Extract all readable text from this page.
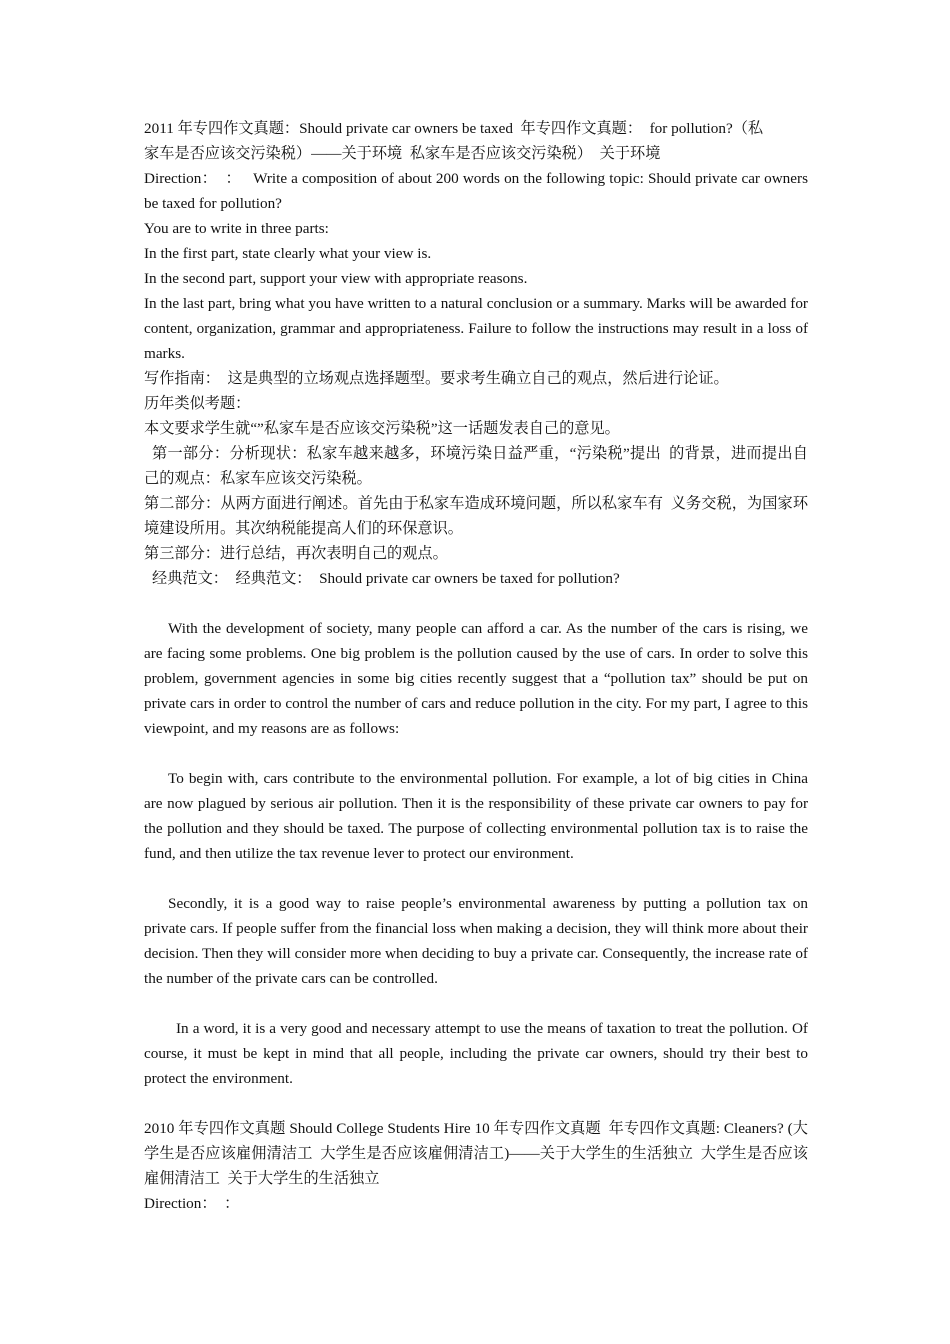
2011 年专四作文真题：Should private car owners be taxed  年专四作文真题：  for pollution?（私
家车是否应该交污染税）——关于环境  私家车是否应该交污染税）  关于环境

Direction：  ：   Write a composition of about 200 words on the following topic: Should private car owners be taxed for pollution?

You are to write in three parts:
In the first part, state clearly what your view is.
In the second part, support your view with appropriate reasons.

In the last part, bring what you have written to a natural conclusion or a summary. Marks will be awarded for content, organization, grammar and appropriateness. Failure to follow the instructions may result in a loss of marks.

写作指南：  这是典型的立场观点选择题型。要求考生确立自己的观点，然后进行论证。
历年类似考题：
本文要求学生就“”私家车是否应该交污染税”这一话题发表自己的意见。

第一部分：分析现状：私家车越来越多，环境污染日益严重，“污染税”提出  的背景，进而提出自己的观点：私家车应该交污染税。

第二部分：从两方面进行阐述。首先由于私家车造成环境问题，所以私家车有  义务交税，为国家环境建设所用。其次纳税能提高人们的环保意识。

第三部分：进行总结，再次表明自己的观点。
经典范文：  经典范文：  Should private car owners be taxed for pollution?

With the development of society, many people can afford a car. As the number of the cars is rising, we are facing some problems. One big problem is the pollution caused by the use of cars. In order to solve this problem, government agencies in some big cities recently suggest that a “pollution tax” should be put on private cars in order to control the number of cars and reduce pollution in the city. For my part, I agree to this viewpoint, and my reasons are as follows:

To begin with, cars contribute to the environmental pollution. For example, a lot of big cities in China are now plagued by serious air pollution. Then it is the responsibility of these private car owners to pay for the pollution and they should be taxed. The purpose of collecting environmental pollution tax is to raise the fund, and then utilize the tax revenue lever to protect our environment.

Secondly, it is a good way to raise people’s environmental awareness by putting a pollution tax on private cars. If people suffer from the financial loss when making a decision, they will think more about their decision. Then they will consider more when deciding to buy a private car. Consequently, the increase rate of the number of the private cars can be controlled.

In a word, it is a very good and necessary attempt to use the means of taxation to treat the pollution. Of course, it must be kept in mind that all people, including the private car owners, should try their best to protect the environment.

2010 年专四作文真题 Should College Students Hire 10 年专四作文真题  年专四作文真题: Cleaners? (大学生是否应该雇佣清洁工  大学生是否应该雇佣清洁工)——关于大学生的生活独立  大学生是否应该雇佣清洁工  关于大学生的生活独立

Direction：  ：
